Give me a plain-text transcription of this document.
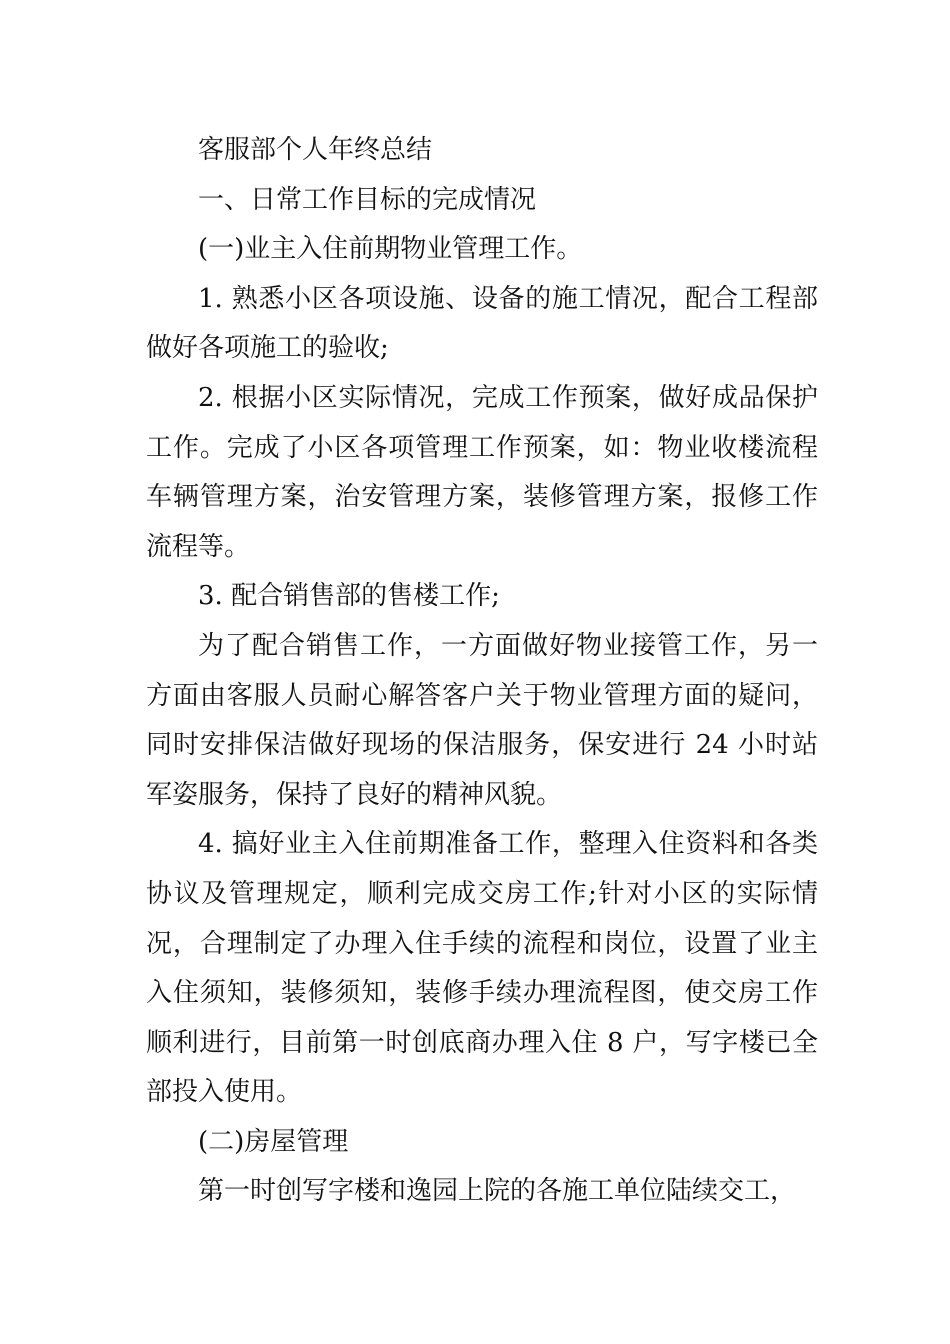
客服部个人年终总结

一、日常工作目标的完成情况

(一)业主入住前期物业管理工作。

1. 熟悉小区各项设施、设备的施工情况，配合工程部做好各项施工的验收;

2. 根据小区实际情况，完成工作预案，做好成品保护工作。完成了小区各项管理工作预案，如：物业收楼流程车辆管理方案，治安管理方案，装修管理方案，报修工作流程等。

3. 配合销售部的售楼工作;

为了配合销售工作，一方面做好物业接管工作，另一方面由客服人员耐心解答客户关于物业管理方面的疑问，同时安排保洁做好现场的保洁服务，保安进行 24 小时站军姿服务，保持了良好的精神风貌。

4. 搞好业主入住前期准备工作，整理入住资料和各类协议及管理规定，顺利完成交房工作;针对小区的实际情况，合理制定了办理入住手续的流程和岗位，设置了业主入住须知，装修须知，装修手续办理流程图，使交房工作顺利进行，目前第一时创底商办理入住 8 户，写字楼已全部投入使用。

(二)房屋管理

第一时创写字楼和逸园上院的各施工单位陆续交工，
